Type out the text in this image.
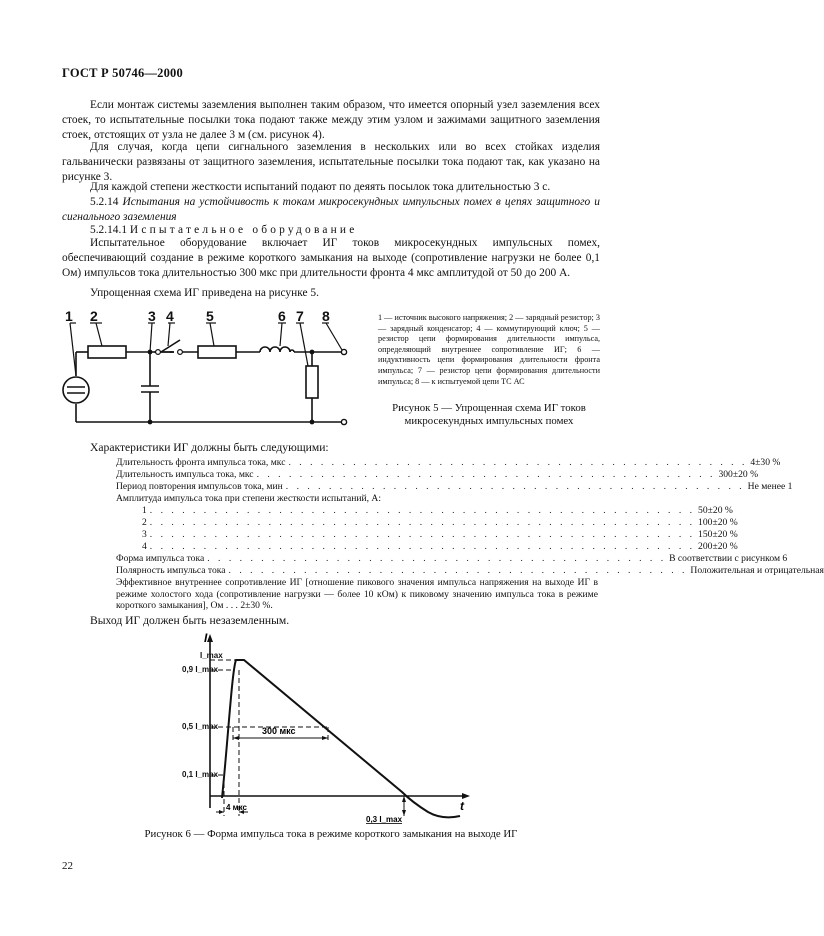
ГОСТ Р 50746—2000
Если монтаж системы заземления выполнен таким образом, что имеется опорный узел заземления всех стоек, то испытательные посылки тока подают также между этим узлом и зажимами защитного заземления стоек, отстоящих от узла не далее 3 м (см. рисунок 4).
Для случая, когда цепи сигнального заземления в нескольких или во всех стойках изделия гальванически развязаны от защитного заземления, испытательные посылки тока подают так, как указано на рисунке 3.
Для каждой степени жесткости испытаний подают по деяять посылок тока длительностью 3 с.
5.2.14 Испытания на устойчивость к токам микросекундных импульсных помех в цепях защитного и сигнального заземления
5.2.14.1 Испытательное оборудование
Испытательное оборудование включает ИГ токов микросекундных импульсных помех, обеспечивающий создание в режиме короткого замыкания на выходе (сопротивление нагрузки не более 0,1 Ом) импульсов тока длительностью 300 мкс при длительности фронта 4 мкс амплитудой от 50 до 200 А.
Упрощенная схема ИГ приведена на рисунке 5.
1 2	3 4 5	6 7 8	1 — источник высокого напряжения; 2 — зарядный резистор; 3 — зарядный конденсатор; 4 — коммутирующий ключ; 5 — резистор цепи формирования длительности импульса, определяющий внутреннее сопротивление ИГ; 6 — индуктивность цепи формирования длительности фронта импульса; 7 — резистор цепи формирования длительности импульса; 8 — к испытуемой цепи ТС АС
Рисунок 5 — Упрощенная схема ИГ токов
микросекундных импульсных помех
Характеристики ИГ должны быть следующими:
Длительность фронта импульса тока, мкс . . . . . . . . . . . . . . . . . . . . . . . . . . . . . . . . . . . . . . . . . . . 4±30 %
Длительность импульса тока, мкс . . . . . . . . . . . . . . . . . . . . . . . . . . . . . . . . . . . . . . . . . . . 300±20 %
Период повторения импульсов тока, мин . . . . . . . . . . . . . . . . . . . . . . . . . . . . . . . . . . . . . . . . . . . Не менее 1
Амплитуда импульса тока при степени жесткости испытаний, А:
1 . . . . . . . . . . . . . . . . . . . . . . . . . . . . . . . . . . . . . . . . . . . . . . . . . . . 50±20 %
2 . . . . . . . . . . . . . . . . . . . . . . . . . . . . . . . . . . . . . . . . . . . . . . . . . . . 100±20 %
3 . . . . . . . . . . . . . . . . . . . . . . . . . . . . . . . . . . . . . . . . . . . . . . . . . . . 150±20 %
4 . . . . . . . . . . . . . . . . . . . . . . . . . . . . . . . . . . . . . . . . . . . . . . . . . . . 200±20 %
Форма импульса тока . . . . . . . . . . . . . . . . . . . . . . . . . . . . . . . . . . . . . . . . . . . В соответствии с рисунком 6
Полярность импульса тока . . . . . . . . . . . . . . . . . . . . . . . . . . . . . . . . . . . . . . . . . . . Положительная и отрицательная
Эффективное внутреннее сопротивление ИГ [отношение пикового значения импульса напряжения на выходе ИГ в режиме холостого хода (сопротивление нагрузки — более 10 кОм) к пиковому значению импульса тока в режиме короткого замыкания], Ом . . . 2±30 %.
Выход ИГ должен быть незаземленным.
I
t
300 мкс
4 мкс
0,3 I_max
I_max
0,9 I_max
0,5 I_max
0,1 I_max
Рисунок 6 — Форма импульса тока в режиме короткого замыкания на выходе ИГ
22
